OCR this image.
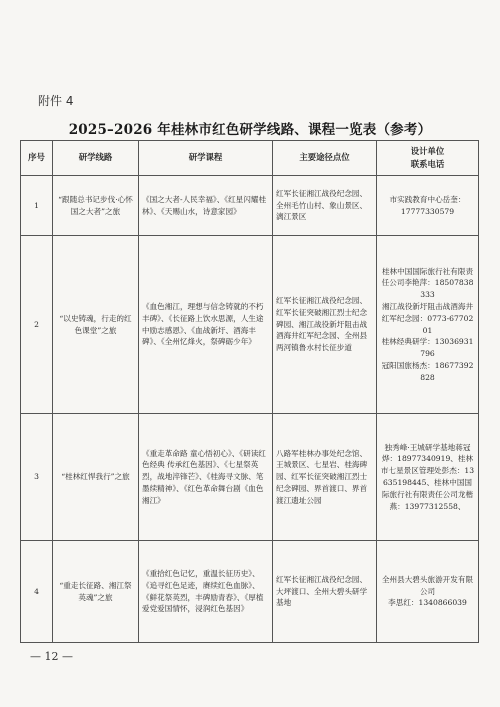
附件 4
2025–2026 年桂林市红色研学线路、课程一览表（参考）
序号	研学线路	研学课程	主要途径点位	设计单位
联系电话

1	“跟随总书记步伐·心怀国之大者”之旅	《国之大者-人民幸福》、《红星闪耀桂林》、《天赐山水，诗意家园》	红军长征湘江战役纪念园、全州毛竹山村、象山景区、漓江景区	市实践教育中心岳奎：
17777330579

2	“以史铸魂，行走的红色课堂”之旅	《血色湘江，理想与信念铸就的不朽丰碑》、《长征路上饮水思源，人生途中励志感恩》、《血战新圩、酒海丰碑》、《全州忆烽火，祭碑砺少年》	红军长征湘江战役纪念园、红军长征突破湘江烈士纪念碑园、湘江战役新圩阻击战酒海井红军纪念园、全州县两河镇鲁水村长征步道	桂林中国国际旅行社有限责任公司李艳萍：18507838333
湘江战役新圩阻击战酒海井红军纪念园：0773-6770201
桂林经典研学：13036931796
冠阳国旅杨杰：18677392828

3	“桂林红悍我行”之旅	《重走革命路 童心悟初心》、《研读红色经典 传承红色基因》、《七星祭英烈，战地淬锋芒》、《桂海寻文脉、笔墨续精神》、《红色革命舞台剧《血色湘江》	八路军桂林办事处纪念馆、王城景区、七星岩、桂海碑园、红军长征突破湘江烈士纪念碑园、界首渡口、界首渡江遗址公园	独秀峰·王城研学基地蒋冠烨：18977340919、桂林市七星景区管理处彭杰：13635198445、桂林中国国际旅行社有限责任公司龙楷燕：13977312558、

4	“重走长征路、湘江祭英魂”之旅	《重拾红色记忆，重温长征历史》、《追寻红色足迹，赓续红色血脉》、《鲜花祭英烈，丰碑励青春》、《厚植爱党爱国情怀，浸润红色基因》	红军长征湘江战役纪念园、大坪渡口、全州大碧头研学基地	全州县大碧头旅游开发有限公司
李思红：1340866039
— 12 —
